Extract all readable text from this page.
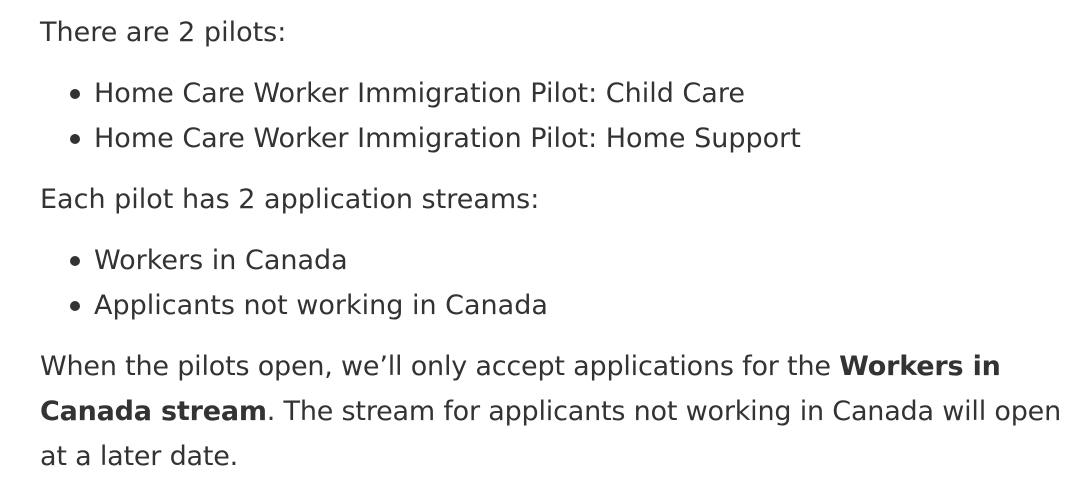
There are 2 pilots:

Home Care Worker Immigration Pilot: Child Care
Home Care Worker Immigration Pilot: Home Support

Each pilot has 2 application streams:

Workers in Canada
Applicants not working in Canada

When the pilots open, we’ll only accept applications for the Workers in Canada stream. The stream for applicants not working in Canada will open at a later date.
